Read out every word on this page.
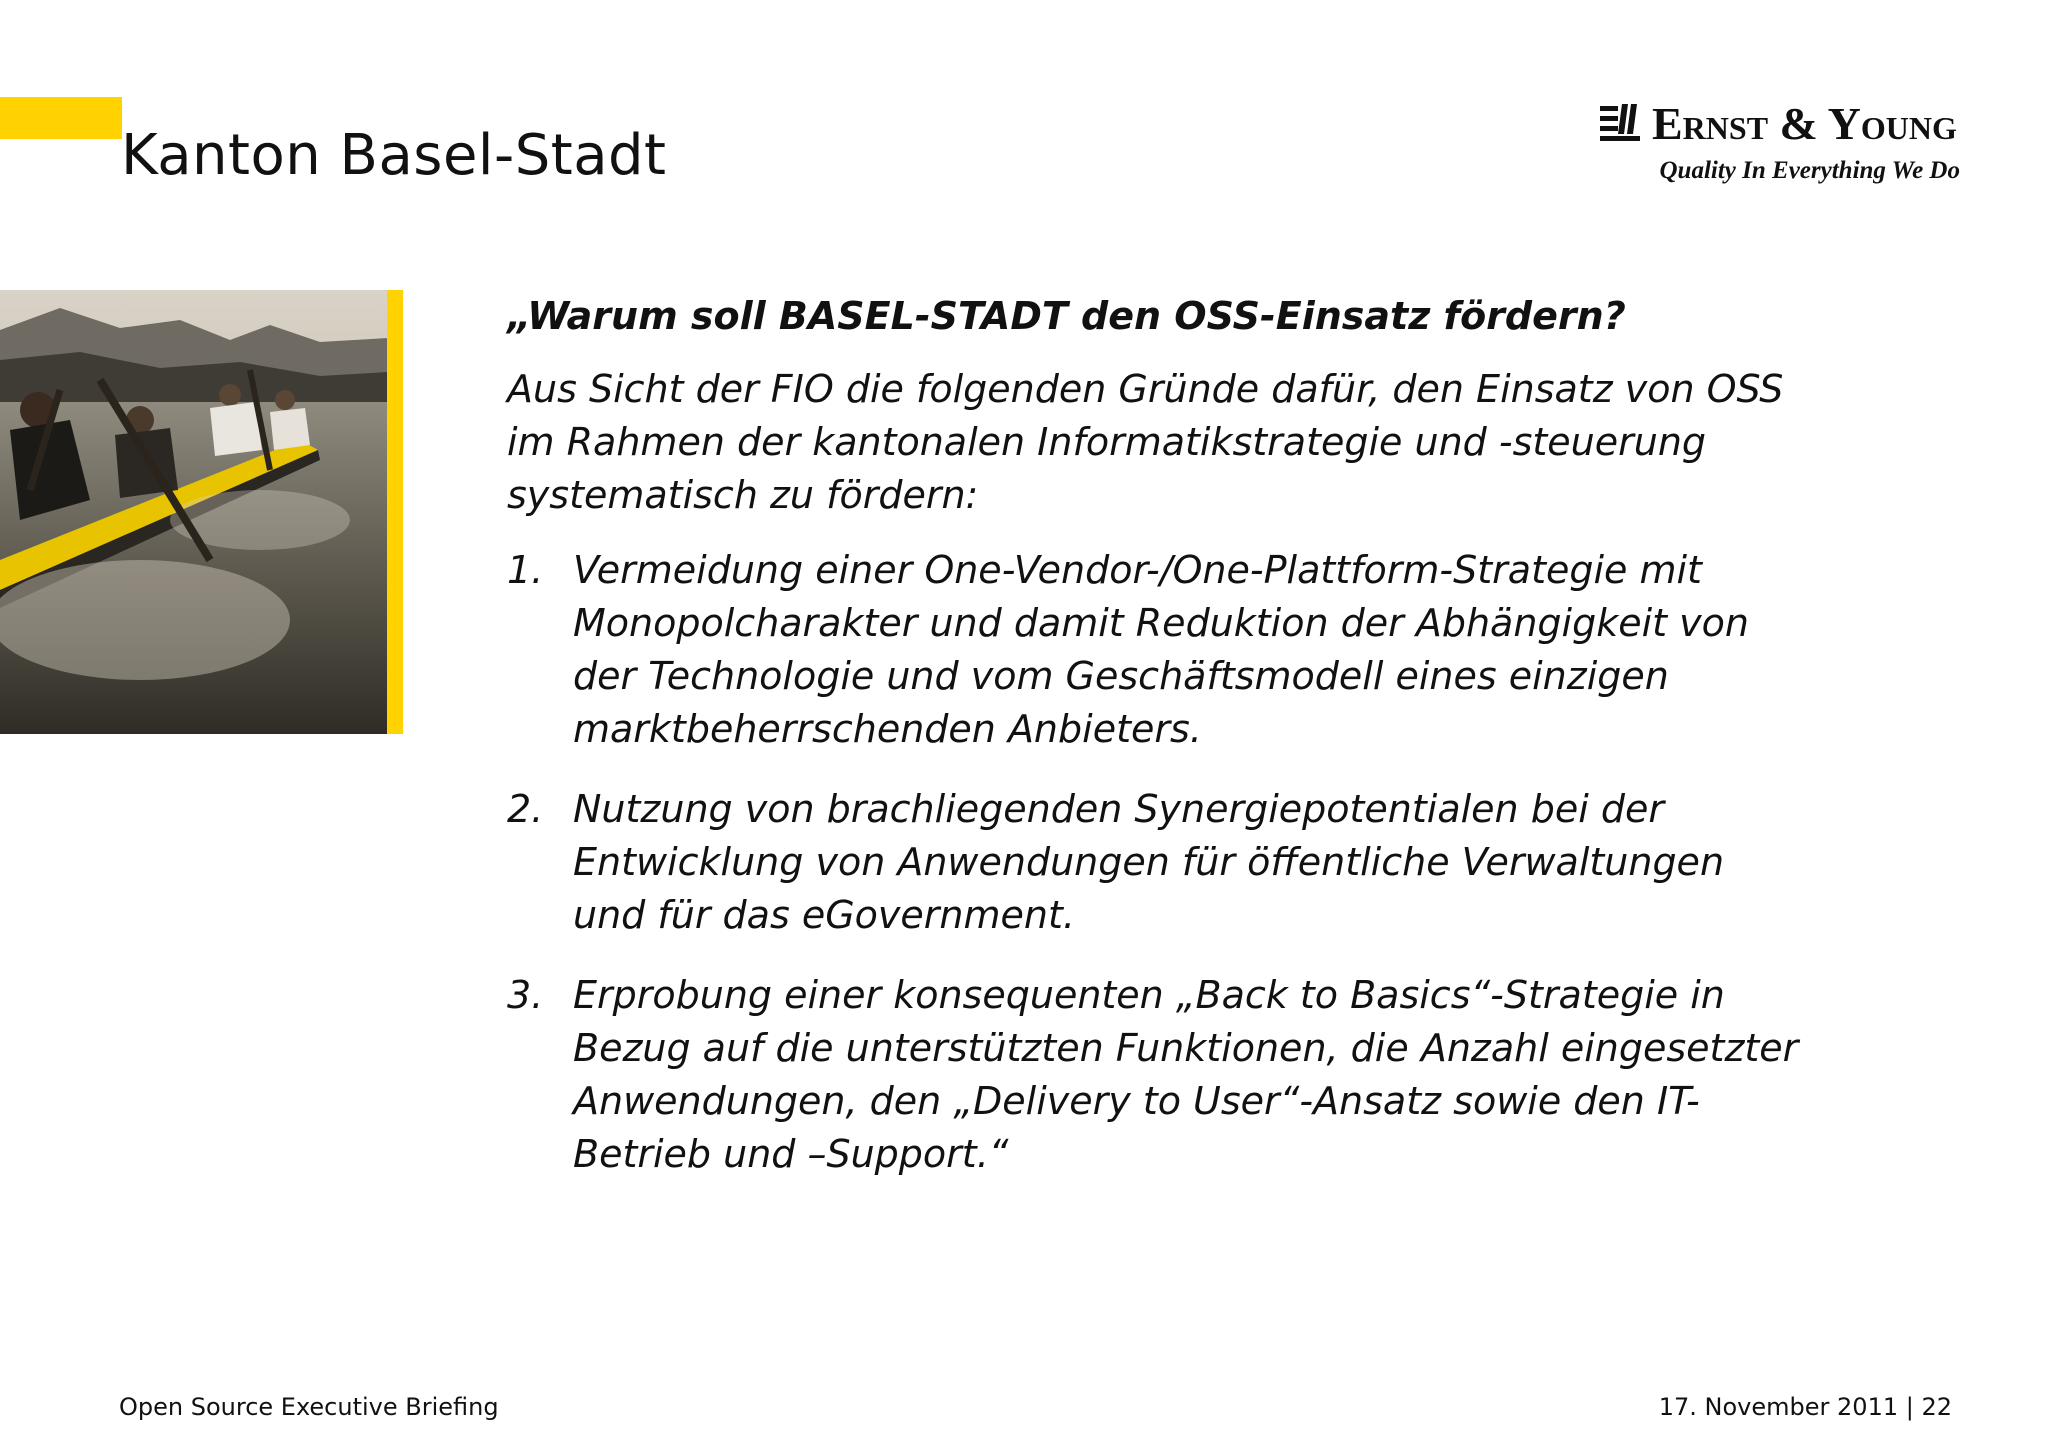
Kanton Basel-Stadt	Ernst & Young
Quality In Everything We Do

„Warum soll BASEL-STADT den OSS-Einsatz fördern?

Aus Sicht der FIO die folgenden Gründe dafür, den Einsatz von OSS im Rahmen der kantonalen Informatikstrategie und -steuerung systematisch zu fördern:

1. Vermeidung einer One-Vendor-/One-Plattform-Strategie mit Monopolcharakter und damit Reduktion der Abhängigkeit von der Technologie und vom Geschäftsmodell eines einzigen marktbeherrschenden Anbieters.
2. Nutzung von brachliegenden Synergiepotentialen bei der Entwicklung von Anwendungen für öffentliche Verwaltungen und für das eGovernment.
3. Erprobung einer konsequenten „Back to Basics“-Strategie in Bezug auf die unterstützten Funktionen, die Anzahl eingesetzter Anwendungen, den „Delivery to User“-Ansatz sowie den IT-Betrieb und –Support.“
Open Source Executive Briefing	17. November 2011 | 22
